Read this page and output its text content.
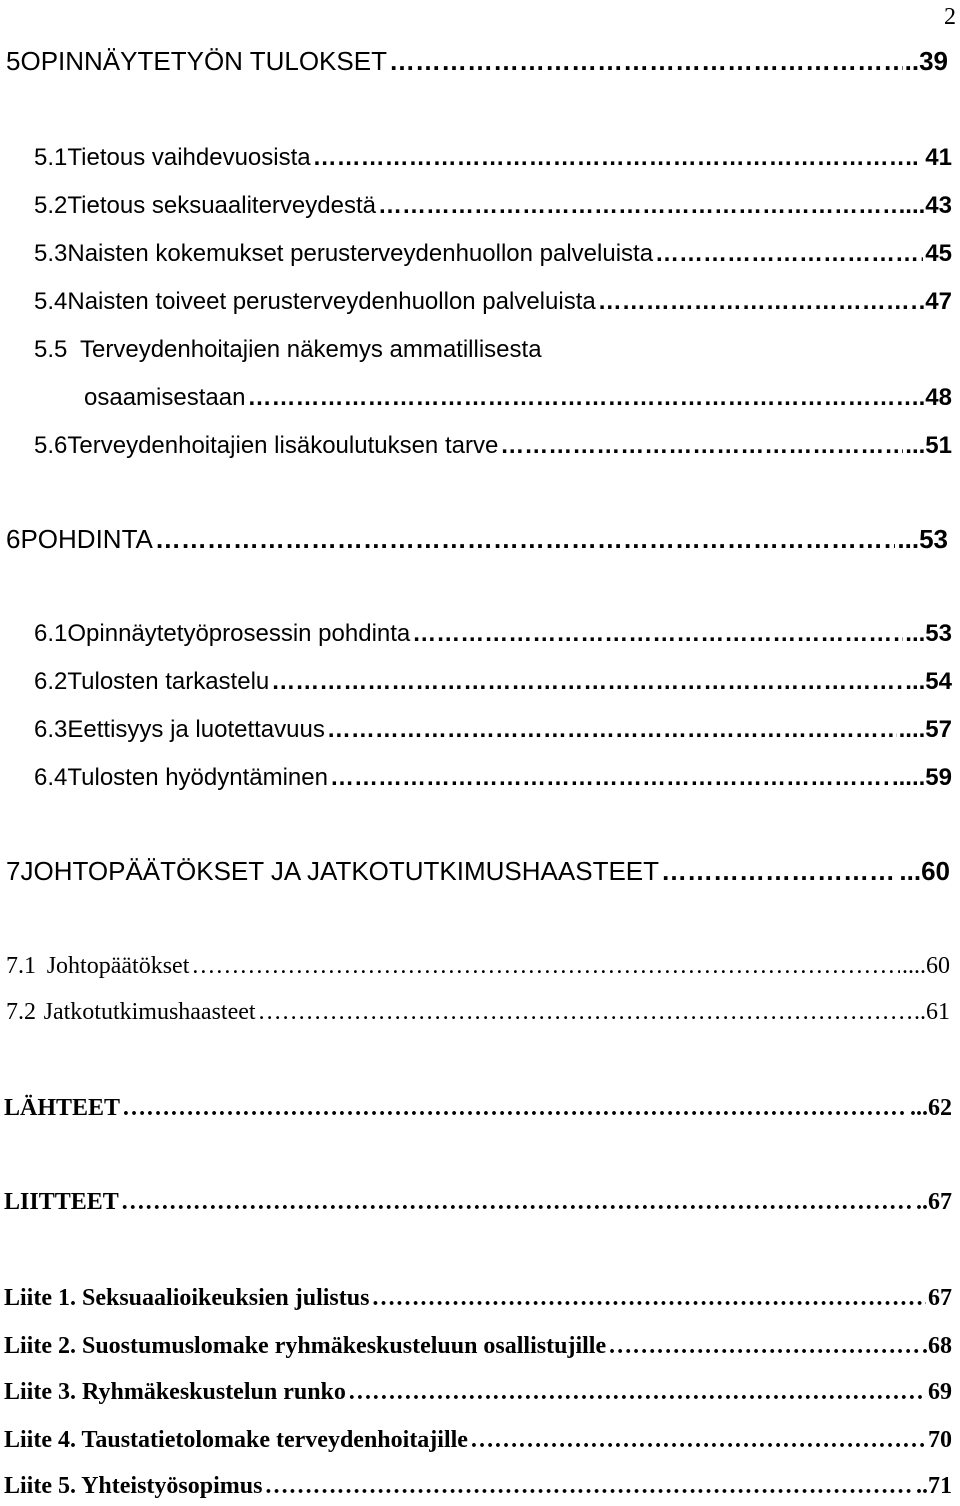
2
5 OPINNÄYTETYÖN TULOKSET …………………………………………………………………………………………………………………………………………………………	..39
5.1 Tietous vaihdevuosista …………………………………………………………………………………………………………………………………………………………	.. 41
5.2 Tietous seksuaaliterveydestä …………………………………………………………………………………………………………………………………………………………	....43
5.3 Naisten kokemukset perusterveydenhuollon palveluista …………………………………………………………………………………………………………………………………………………………	45
5.4 Naisten toiveet perusterveydenhuollon palveluista …………………………………………………………………………………………………………………………………………………………	.47
5.5 Terveydenhoitajien näkemys ammatillisesta
osaamisestaan …………………………………………………………………………………………………………………………………………………………	.48
5.6 Terveydenhoitajien lisäkoulutuksen tarve …………………………………………………………………………………………………………………………………………………………	...51
6 POHDINTA …………………………………………………………………………………………………………………………………………………………	...53
6.1 Opinnäytetyöprosessin pohdinta …………………………………………………………………………………………………………………………………………………………	...53
6.2 Tulosten tarkastelu …………………………………………………………………………………………………………………………………………………………	...54
6.3 Eettisyys ja luotettavuus …………………………………………………………………………………………………………………………………………………………	....57
6.4 Tulosten hyödyntäminen …………………………………………………………………………………………………………………………………………………………	.....59
7 JOHTOPÄÄTÖKSET JA JATKOTUTKIMUSHAASTEET …………………………………………………………………………………………………………………………………………………………	...60
7.1 Johtopäätökset …………………………………………………………………………………………………………………………………………………………	....60
7.2 Jatkotutkimushaasteet …………………………………………………………………………………………………………………………………………………………	..61
LÄHTEET …………………………………………………………………………………………………………………………………………………………	...62
LIITTEET …………………………………………………………………………………………………………………………………………………………	..67
Liite 1. Seksuaalioikeuksien julistus …………………………………………………………………………………………………………………………………………………………	67
Liite 2. Suostumuslomake ryhmäkeskusteluun osallistujille …………………………………………………………………………………………………………………………………………………………	.68
Liite 3. Ryhmäkeskustelun runko …………………………………………………………………………………………………………………………………………………………	69
Liite 4. Taustatietolomake terveydenhoitajille …………………………………………………………………………………………………………………………………………………………	70
Liite 5. Yhteistyösopimus …………………………………………………………………………………………………………………………………………………………	..71
